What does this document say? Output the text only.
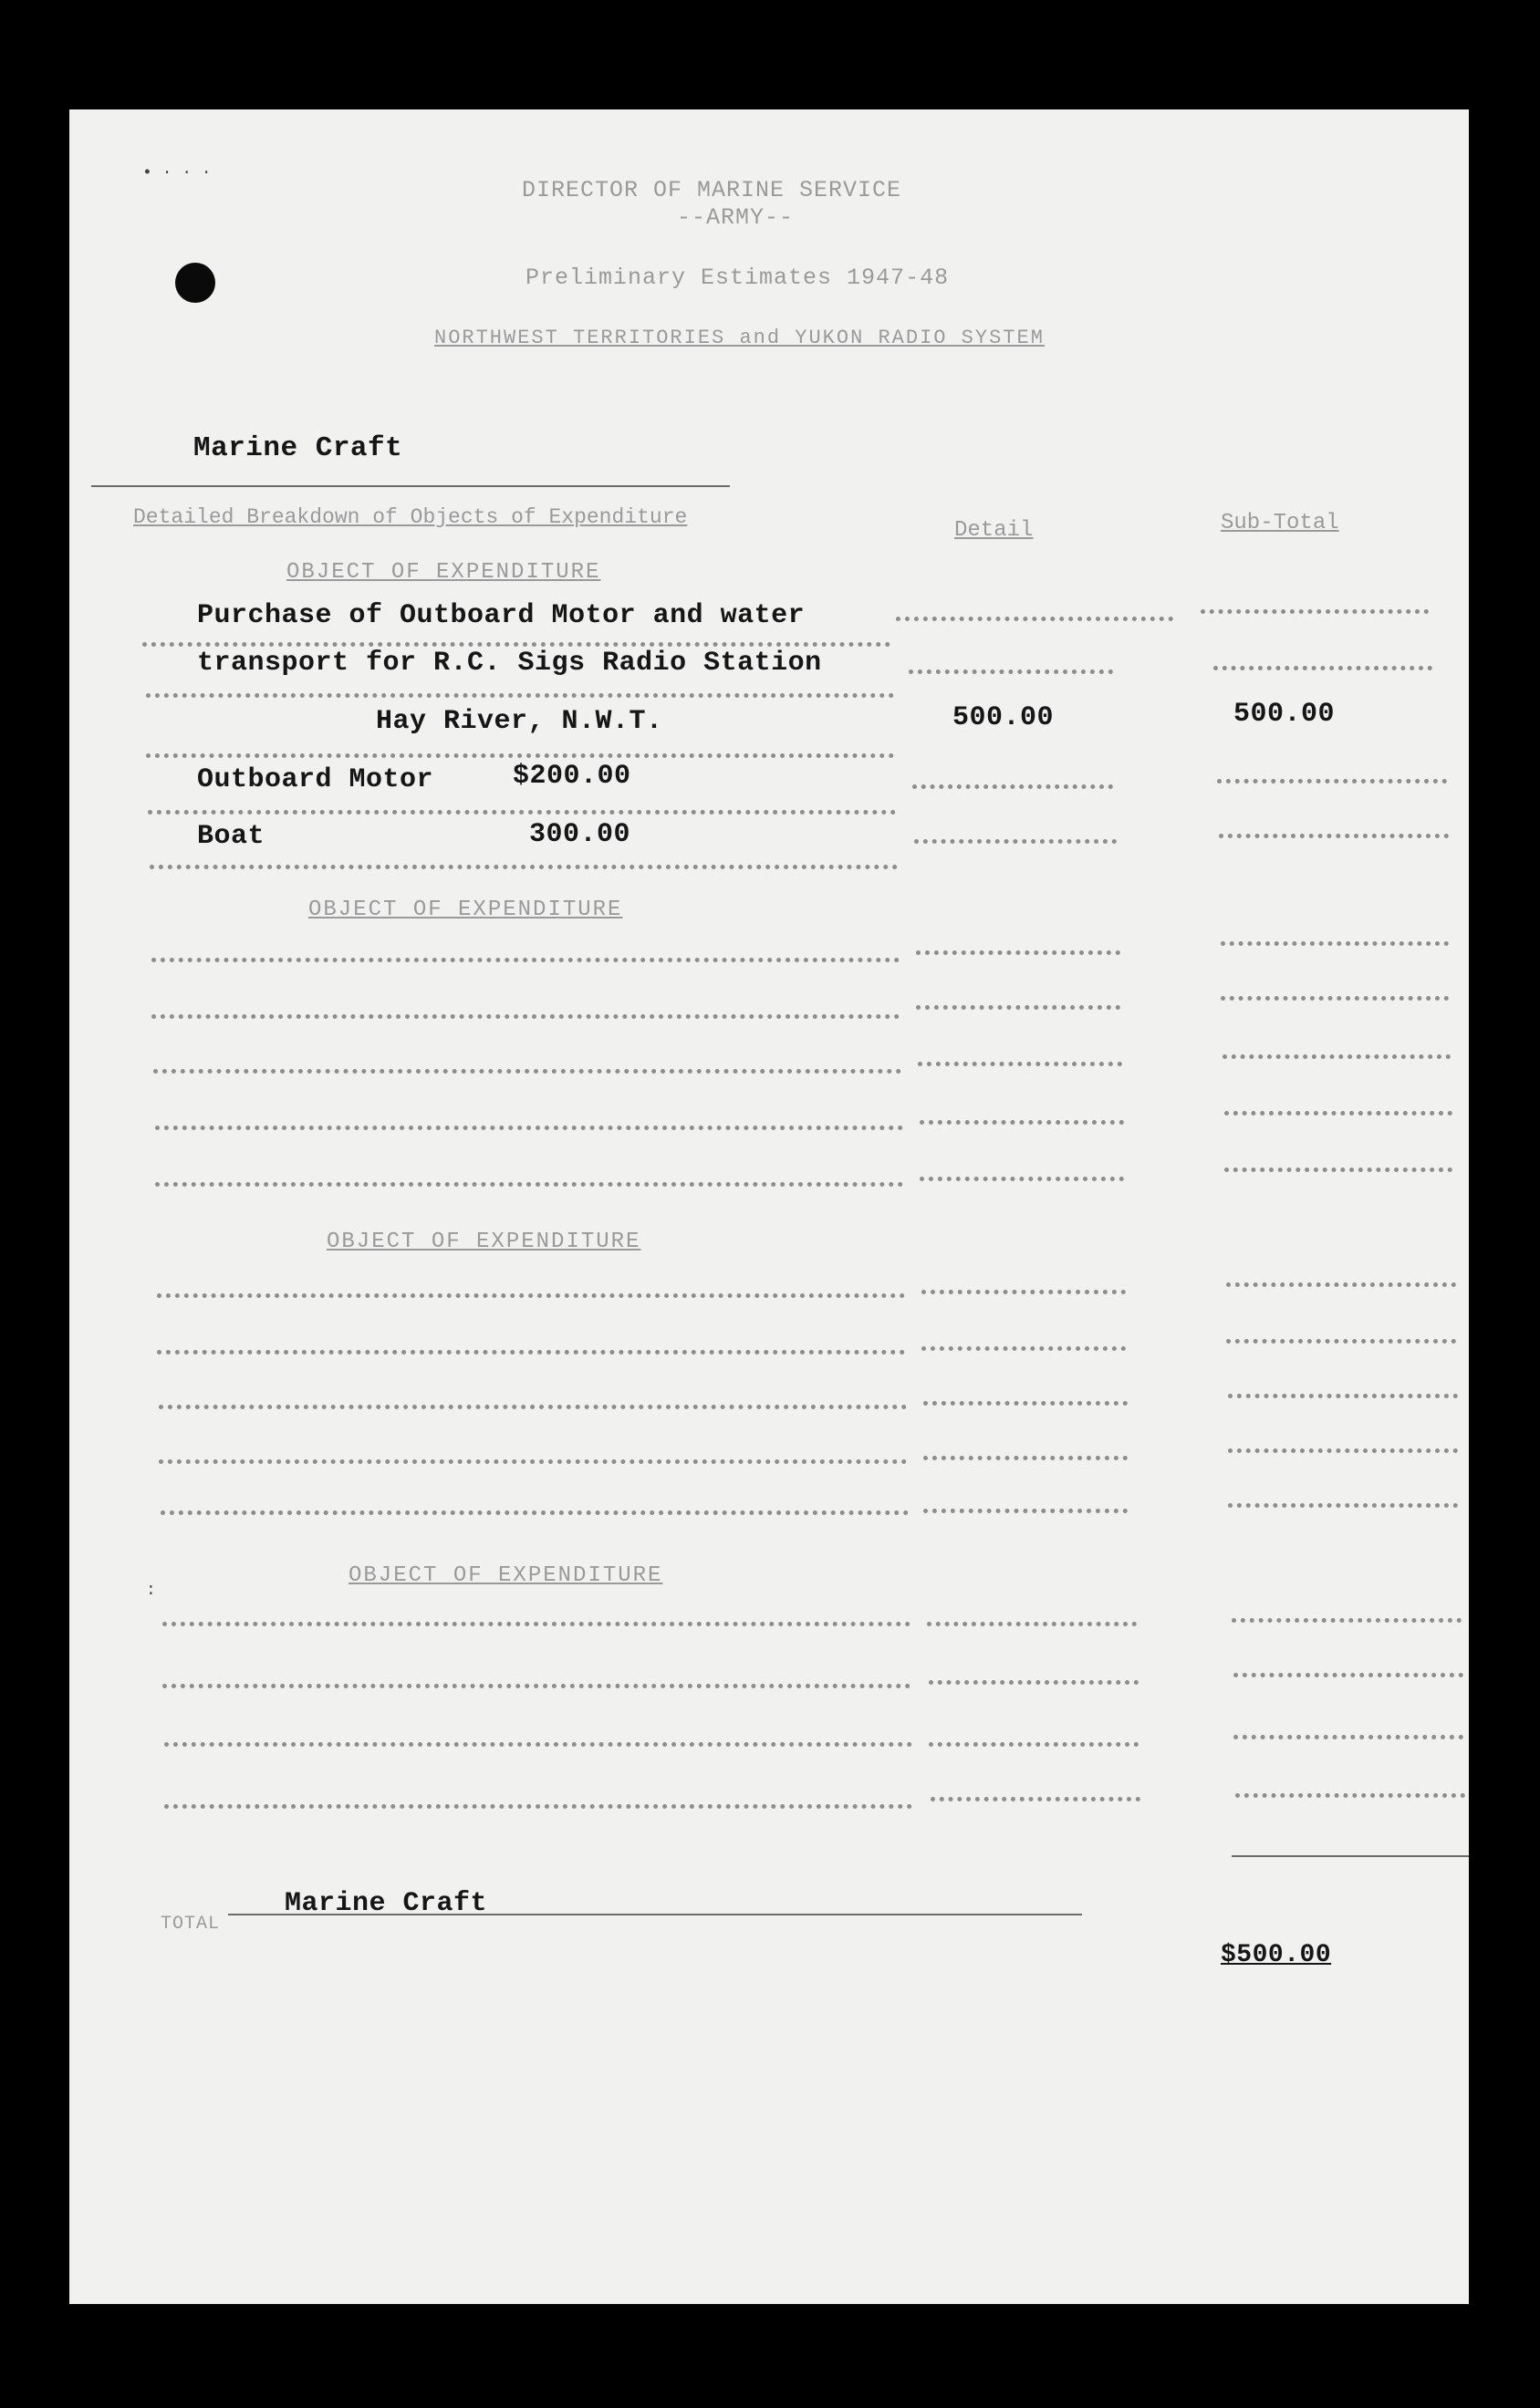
• · · ·
DIRECTOR OF MARINE SERVICE
--ARMY--
Preliminary Estimates 1947-48
NORTHWEST TERRITORIES and YUKON RADIO SYSTEM
Marine Craft
Detailed Breakdown of Objects of Expenditure
Detail	Sub-Total
OBJECT OF EXPENDITURE
Purchase of Outboard Motor and water
transport for R.C. Sigs Radio Station
Hay River, N.W.T.	500.00	500.00
Outboard Motor	$200.00
Boat	300.00
OBJECT OF EXPENDITURE
OBJECT OF EXPENDITURE
OBJECT OF EXPENDITURE
:
TOTAL
Marine Craft
$500.00
